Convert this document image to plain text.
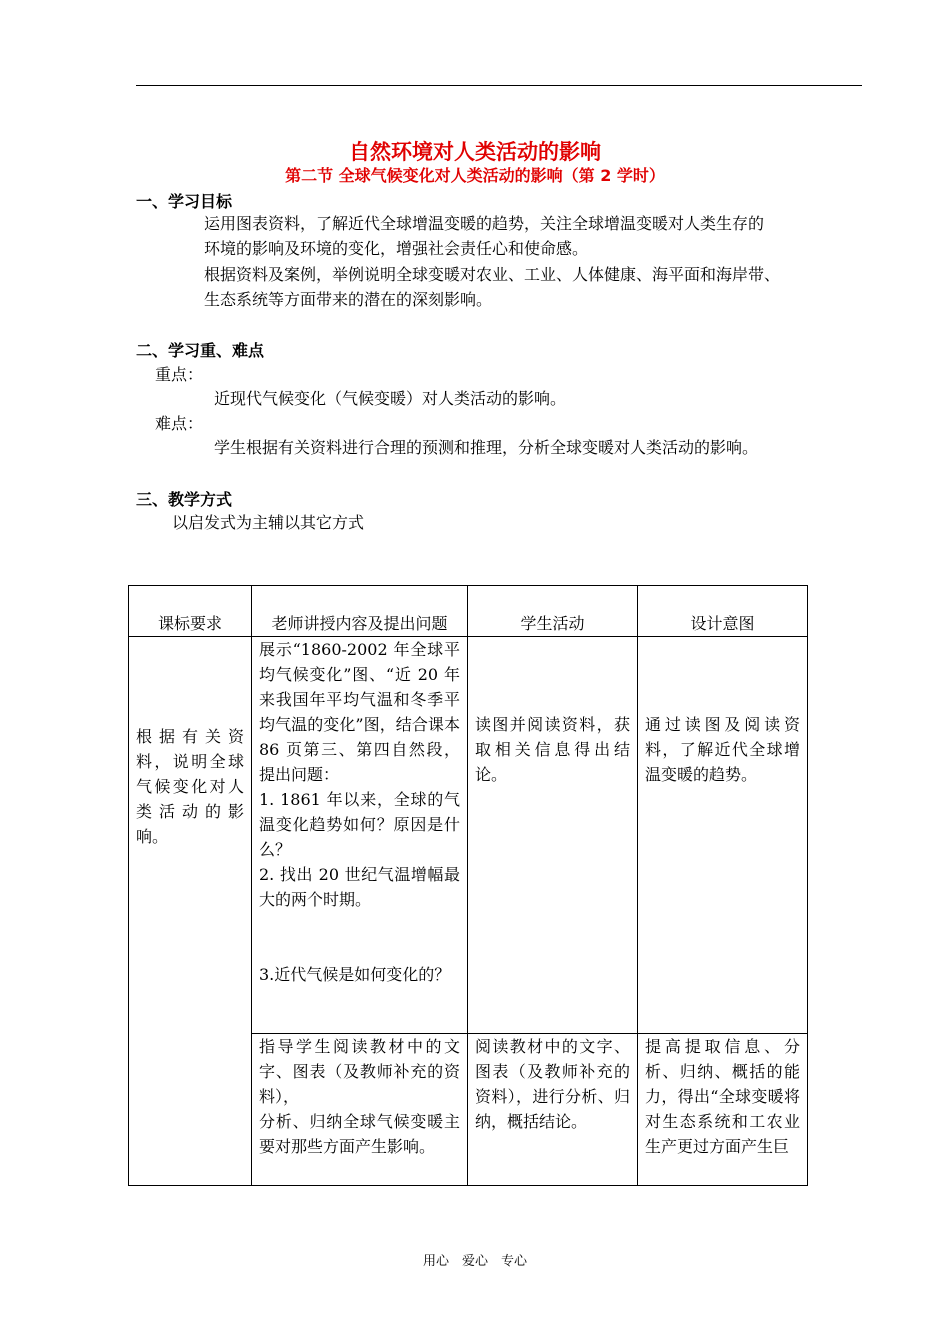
自然环境对人类活动的影响
第二节 全球气候变化对人类活动的影响（第 2 学时）
一、学习目标
运用图表资料，了解近代全球增温变暖的趋势，关注全球增温变暖对人类生存的
环境的影响及环境的变化，增强社会责任心和使命感。
根据资料及案例，举例说明全球变暖对农业、工业、人体健康、海平面和海岸带、
生态系统等方面带来的潜在的深刻影响。
二、学习重、难点
重点：
近现代气候变化（气候变暖）对人类活动的影响。
难点：
学生根据有关资料进行合理的预测和推理，分析全球变暖对人类活动的影响。
三、教学方式
以启发式为主辅以其它方式
课标要求	老师讲授内容及提出问题	学生活动	设计意图
根据有关资料，说明全球气候变化对人类活动的影响。	展示“1860-2002 年全球平均气候变化”图、“近 20 年来我国年平均气温和冬季平均气温的变化”图，结合课本 86 页第三、第四自然段，提出问题：
1. 1861 年以来，全球的气温变化趋势如何？原因是什么？
2. 找出 20 世纪气温增幅最大的两个时期。

3.近代气候是如何变化的？	读图并阅读资料，获取相关信息得出结论。	通过读图及阅读资料，了解近代全球增温变暖的趋势。
	指导学生阅读教材中的文字、图表（及教师补充的资料），
分析、归纳全球气候变暖主要对那些方面产生影响。	阅读教材中的文字、图表（及教师补充的资料），进行分析、归纳，概括结论。	提高提取信息、分析、归纳、概括的能力，得出“全球变暖将对生态系统和工农业生产更过方面产生巨
用心　爱心　专心
